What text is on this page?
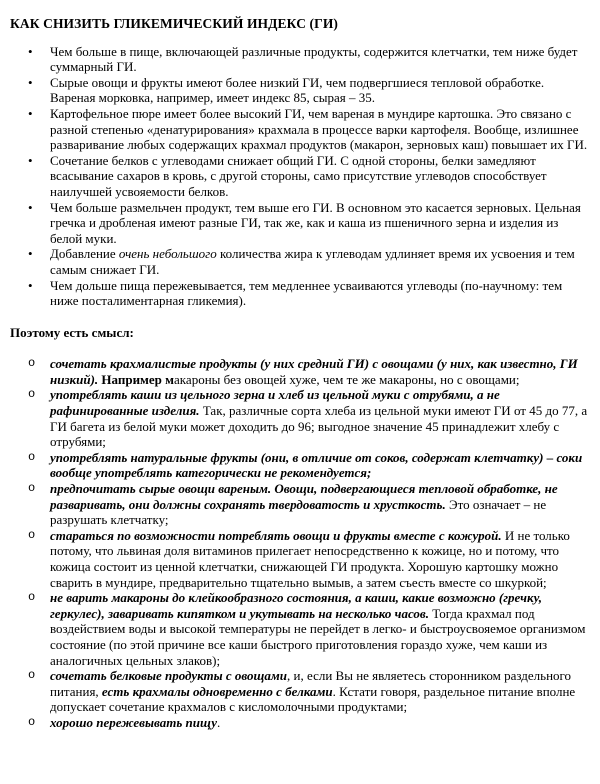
КАК СНИЗИТЬ ГЛИКЕМИЧЕСКИЙ ИНДЕКС (ГИ)
• Чем больше в пище, включающей различные продукты, содержится клетчатки, тем ниже будет суммарный ГИ.
• Сырые овощи и фрукты имеют более низкий ГИ, чем подвергшиеся тепловой обработке. Вареная морковка, например, имеет индекс 85, сырая – 35.
• Картофельное пюре имеет более высокий ГИ, чем вареная в мундире картошка. Это связано с разной степенью «денатурирования» крахмала в процессе варки картофеля. Вообще, излишнее разваривание любых содержащих крахмал продуктов (макарон, зерновых каш) повышает их ГИ.
• Сочетание белков с углеводами снижает общий ГИ. С одной стороны, белки замедляют всасывание сахаров в кровь, с другой стороны, само присутствие углеводов способствует наилучшей усвояемости белков.
• Чем больше размельчен продукт, тем выше его ГИ. В основном это касается зерновых. Цельная гречка и дробленая имеют разные ГИ, так же, как и каша из пшеничного зерна и изделия из белой муки.
• Добавление очень небольшого количества жира к углеводам удлиняет время их усвоения и тем самым снижает ГИ.
• Чем дольше пища пережевывается, тем медленнее усваиваются углеводы (по-научному: тем ниже посталиментарная гликемия).
Поэтому есть смысл:
o сочетать крахмалистые продукты (у них средний ГИ) с овощами (у них, как известно, ГИ низкий). Например макароны без овощей хуже, чем те же макароны, но с овощами;
o употреблять каши из цельного зерна и хлеб из цельной муки с отрубями, а не рафинированные изделия. Так, различные сорта хлеба из цельной муки имеют ГИ от 45 до 77, а ГИ багета из белой муки может доходить до 96; выгодное значение 45 принадлежит хлебу с отрубями;
o употреблять натуральные фрукты (они, в отличие от соков, содержат клетчатку) – соки вообще употреблять категорически не рекомендуется;
o предпочитать сырые овощи вареным. Овощи, подвергающиеся тепловой обработке, не разваривать, они должны сохранять твердоватость и хрусткость. Это означает – не разрушать клетчатку;
o стараться по возможности потреблять овощи и фрукты вместе с кожурой. И не только потому, что львиная доля витаминов прилегает непосредственно к кожице, но и потому, что кожица состоит из ценной клетчатки, снижающей ГИ продукта. Хорошую картошку можно сварить в мундире, предварительно тщательно вымыв, а затем съесть вместе со шкуркой;
o не варить макароны до клейкообразного состояния, а каши, какие возможно (гречку, геркулес), заваривать кипятком и укутывать на несколько часов. Тогда крахмал под воздействием воды и высокой температуры не перейдет в легко- и быстроусвояемое организмом состояние (по этой причине все каши быстрого приготовления гораздо хуже, чем каши из аналогичных цельных злаков);
o сочетать белковые продукты с овощами, и, если Вы не являетесь сторонником раздельного питания, есть крахмалы одновременно с белками. Кстати говоря, раздельное питание вполне допускает сочетание крахмалов с кисломолочными продуктами;
o хорошо пережевывать пищу.
